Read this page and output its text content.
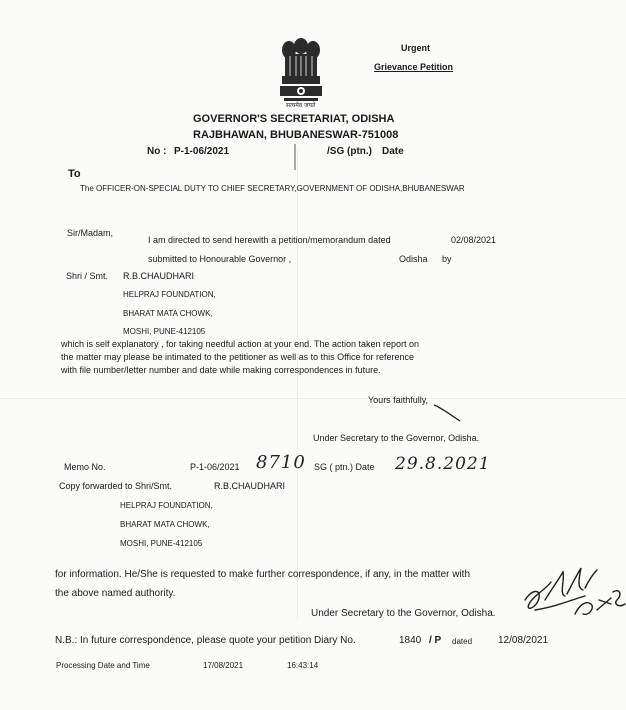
Urgent
Grievance Petition
सत्यमेव जयते
GOVERNOR'S SECRETARIAT, ODISHA
RAJBHAWAN, BHUBANESWAR-751008
No : P-1-06/2021	/SG (ptn.) Date
To
The OFFICER-ON-SPECIAL DUTY TO CHIEF SECRETARY,GOVERNMENT OF ODISHA,BHUBANESWAR
Sir/Madam,
I am directed to send herewith a petition/memorandum dated	02/08/2021
submitted to Honourable Governor ,	Odisha by
Shri / Smt. R.B.CHAUDHARI
HELPRAJ FOUNDATION,
BHARAT MATA CHOWK,
MOSHI, PUNE-412105
which is self explanatory , for taking needful action at your end. The action taken report on
the matter may please be intimated to the petitioner as well as to this Office for reference
with file number/letter number and date while making correspondences in future.
Yours faithfully,
Under Secretary to the Governor, Odisha.
Memo No.	P-1-06/2021 8710 SG ( ptn.) Date 29.8.2021
Copy forwarded to Shri/Smt.	R.B.CHAUDHARI
HELPRAJ FOUNDATION,
BHARAT MATA CHOWK,
MOSHI, PUNE-412105
for information. He/She is requested to make further correspondence, if any, in the matter with
the above named authority.
Under Secretary to the Governor, Odisha.
N.B.: In future correspondence, please quote your petition Diary No.	1840 / P dated	12/08/2021
Processing Date and Time	17/08/2021	16:43:14
